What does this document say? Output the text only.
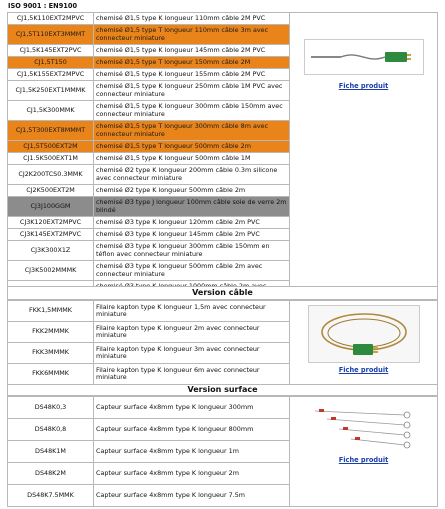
ISO 9001 : EN9100
CJ1,5K110EXT2MPVC	chemisé Ø1,5 type K longueur 110mm câble 2M PVC	Fiche produit
CJ1,5T110EXT3MMMT	chemisé Ø1,5 type T longueur 110mm câble 3m avec connecteur miniature	
CJ1,5K145EXT2PVC	chemisé Ø1,5 type K longueur 145mm câble 2M PVC	
CJ1,5T150	chemisé Ø1,5 type T longueur 150mm câble 2M	
CJ1,5K155EXT2MPVC	chemisé Ø1,5 type K longueur 155mm câble 2M PVC	
CJ1,5K250EXT1MMMK	chemisé Ø1,5 type K longueur 250mm câble 1M PVC avec connecteur miniature	
CJ1,5K300MMK	chemisé Ø1,5 type K longueur 300mm câble 150mm avec connecteur miniature	
CJ1,5T300EXT8MMMT	chemisé Ø1,5 type T longueur 300mm câble 8m avec connecteur miniature	
CJ1,5T500EXT2M	chemisé Ø1,5 type T longueur 500mm câble 2m	
CJ1.5K500EXT1M	chemisé Ø1,5 type K longueur 500mm câble 1M	
CJ2K200TCS0.3MMK	chemisé Ø2 type K longueur 200mm câble 0.3m silicone avec connecteur miniature	
CJ2K500EXT2M	chemisé Ø2 type K longueur 500mm câble 2m	
CJ3J100GGM	chemisé Ø3 type J longueur 100mm câble soie de verre 2m blindé	
CJ3K120EXT2MPVC	chemisé Ø3 type K longueur 120mm câble 2m PVC	
CJ3K145EXT2MPVC	chemisé Ø3 type K longueur 145mm câble 2m PVC	
CJ3K300X1Z	chemisé Ø3 type K longueur 300mm câble 150mm en téflon avec connecteur miniature	
CJ3K5002MMMK	chemisé Ø3 type K longueur 500mm câble 2m avec connecteur miniature	

Version câble
FKK1,5MMMK	Filaire kapton type K longueur 1,5m avec connecteur miniature	Fiche produit
FKK2MMMK	Filaire kapton type K longueur 2m avec connecteur miniature	
FKK3MMMK	Filaire kapton type K longueur 3m avec connecteur miniature	
FKK6MMMK	Filaire kapton type K longueur 6m avec connecteur miniature	
Version surface
DS48K0,3	Capteur surface 4x8mm type K longueur 300mm	Fiche produit
DS48K0,8	Capteur surface 4x8mm type K longueur 800mm	
DS48K1M	Capteur surface 4x8mm type K longueur 1m	
DS48K2M	Capteur surface 4x8mm type K longueur 2m	
DS48K7.5MMK	Capteur surface 4x8mm type K longueur 7.5m	
